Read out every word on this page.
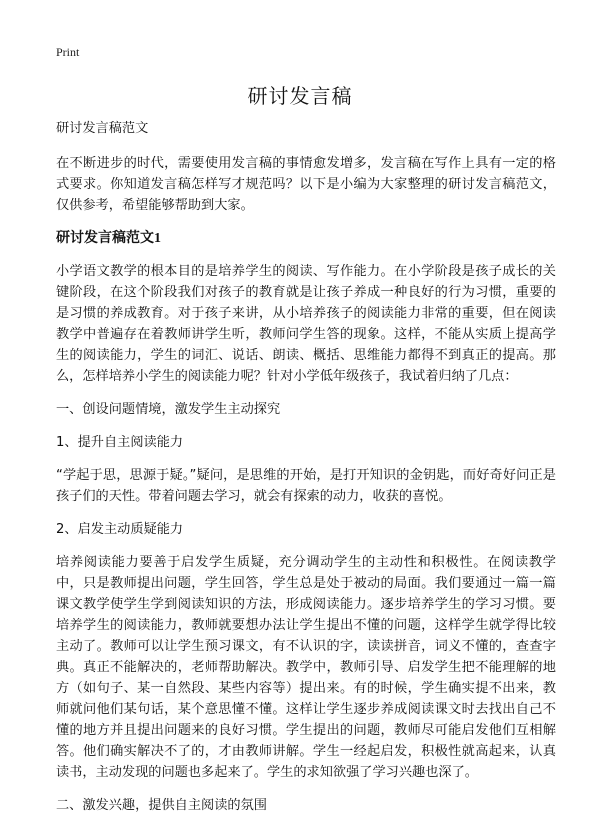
Print
研讨发言稿

研讨发言稿范文

在不断进步的时代，需要使用发言稿的事情愈发增多，发言稿在写作上具有一定的格式要求。你知道发言稿怎样写才规范吗？以下是小编为大家整理的研讨发言稿范文，仅供参考，希望能够帮助到大家。

研讨发言稿范文1

小学语文教学的根本目的是培养学生的阅读、写作能力。在小学阶段是孩子成长的关键阶段，在这个阶段我们对孩子的教育就是让孩子养成一种良好的行为习惯，重要的是习惯的养成教育。对于孩子来讲，从小培养孩子的阅读能力非常的重要，但在阅读教学中普遍存在着教师讲学生听，教师问学生答的现象。这样，不能从实质上提高学生的阅读能力，学生的词汇、说话、朗读、概括、思维能力都得不到真正的提高。那么，怎样培养小学生的阅读能力呢？针对小学低年级孩子，我试着归纳了几点：

一、创设问题情境，激发学生主动探究

1、提升自主阅读能力

“学起于思，思源于疑。”疑问，是思维的开始，是打开知识的金钥匙，而好奇好问正是孩子们的天性。带着问题去学习，就会有探索的动力，收获的喜悦。

2、启发主动质疑能力

培养阅读能力要善于启发学生质疑，充分调动学生的主动性和积极性。在阅读教学中，只是教师提出问题，学生回答，学生总是处于被动的局面。我们要通过一篇一篇课文教学使学生学到阅读知识的方法，形成阅读能力。逐步培养学生的学习习惯。要培养学生的阅读能力，教师就要想办法让学生提出不懂的问题，这样学生就学得比较主动了。教师可以让学生预习课文，有不认识的字，读读拼音，词义不懂的，查查字典。真正不能解决的，老师帮助解决。教学中，教师引导、启发学生把不能理解的地方（如句子、某一自然段、某些内容等）提出来。有的时候，学生确实提不出来，教师就问他们某句话，某个意思懂不懂。这样让学生逐步养成阅读课文时去找出自己不懂的地方并且提出问题来的良好习惯。学生提出的问题，教师尽可能启发他们互相解答。他们确实解决不了的，才由教师讲解。学生一经起启发，积极性就高起来，认真读书，主动发现的问题也多起来了。学生的求知欲强了学习兴趣也深了。

二、激发兴趣，提供自主阅读的氛围
